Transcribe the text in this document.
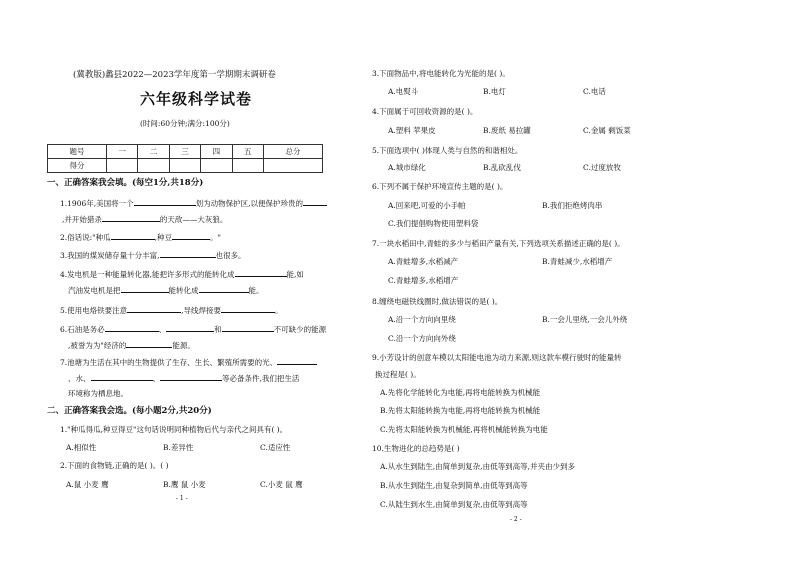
(冀教版)蠡县2022—2023学年度第一学期期末调研卷
六年级科学试卷
(时间:60分钟;满分:100分)
题号	一	二	三	四	五	总分
得分						
一、正确答案我会填。(每空1分,共18分)
1.1906年,美国将一个	划为动物保护区,以便保护珍贵的
,并开始猎杀	的天敌——大灰狼。
2.俗话说:"种瓜	,种豆	。"
3.我国的煤炭储存量十分丰富,	也很多。
4.发电机是一种能量转化器,能把许多形式的能转化成	能,如
汽油发电机是把	能转化成	能。
5.使用电烙铁要注意	,导线焊接要	。
6.石油是务必	、	和	不可缺少的能源
,被誉为为"经济的	能源。
7.池塘为生活在其中的生物提供了生存、生长、繁殖所需要的光、
、水、	、	等必备条件,我们把生活
环境称为栖息地。
二、正确答案我会选。(每小题2分,共20分)
1."种瓜得瓜,种豆得豆"这句话说明同种植物后代与亲代之间具有( )。
A.相似性	B.差异性	C.适应性
2.下面的食物链,正确的是( )。( )
A.鼠 小麦 鹰	B.鹰 鼠 小麦	C.小麦 鼠 鹰
- 1 -
3.下面物品中,将电能转化为光能的是( )。
A.电熨斗	B.电灯	C.电话
4.下面属于可回收资源的是( )。
A.塑料 苹果皮	B.废纸 易拉罐	C.金属 剩饭菜
5.下面选项中( )体现人类与自然的和谐相处。
A.城市绿化	B.乱砍乱伐	C.过度放牧
6.下列不属于保护环境宣传主题的是( )。
A.回来吧,可爱的小手帕	B.我们拒绝烤肉串
C.我们提倡购物使用塑料袋
7.一块水稻田中,青蛙的多少与稻田产量有关,下列选项关系描述正确的是( )。
A.青蛙增多,水稻减产	B.青蛙减少,水稻增产
C.青蛙增多,水稻增产
8.缠绕电磁铁线圈时,做法错误的是( )。
A.沿一个方向向里绕	B.一会儿里绕,一会儿外绕
C.沿一个方向向外绕
9.小芳设计的创意车模以太阳能电池为动力来源,则这款车模行驶时的能量转
换过程是( )。
A.先将化学能转化为电能,再将电能转换为机械能
B.先将太阳能转换为电能,再将电能转换为机械能
C.先将太阳能转换为机械能,再将机械能转换为电能
10.生物进化的总趋势是( )
A.从水生到陆生,由简单到复杂,由低等到高等,并夹由少到多
B.从水生到陆生,由复杂到简单,由低等到高等
C.从陆生到水生,由简单到复杂,由低等到高等
- 2 -
